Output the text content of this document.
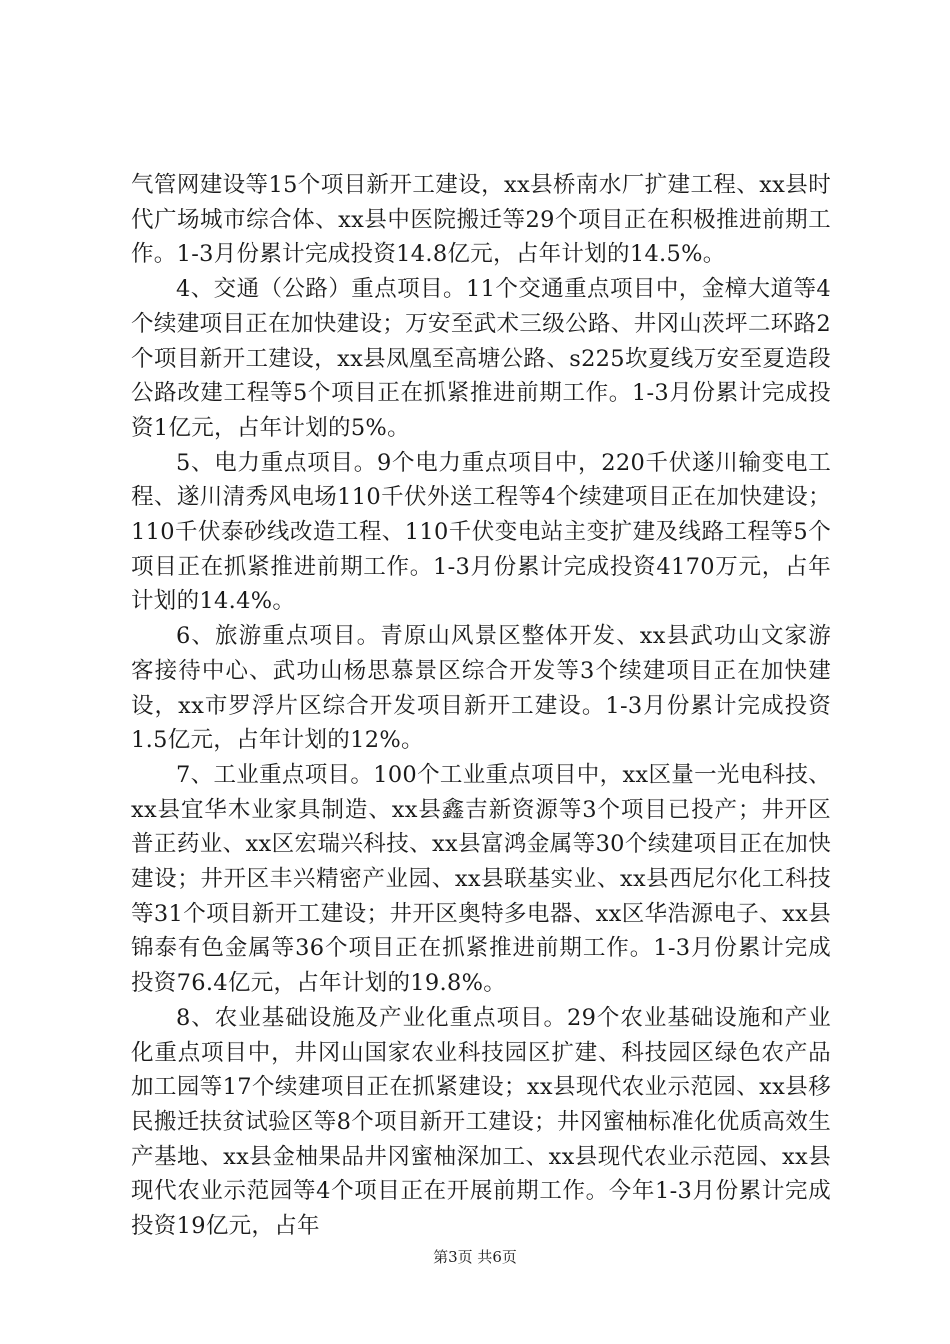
气管网建设等15个项目新开工建设，xx县桥南水厂扩建工程、xx县时代广场城市综合体、xx县中医院搬迁等29个项目正在积极推进前期工作。1-3月份累计完成投资14.8亿元，占年计划的14.5%。

4、交通（公路）重点项目。11个交通重点项目中，金樟大道等4个续建项目正在加快建设；万安至武术三级公路、井冈山茨坪二环路2个项目新开工建设，xx县凤凰至高塘公路、s225坎夏线万安至夏造段公路改建工程等5个项目正在抓紧推进前期工作。1-3月份累计完成投资1亿元，占年计划的5%。

5、电力重点项目。9个电力重点项目中，220千伏遂川输变电工程、遂川清秀风电场110千伏外送工程等4个续建项目正在加快建设；110千伏泰砂线改造工程、110千伏变电站主变扩建及线路工程等5个项目正在抓紧推进前期工作。1-3月份累计完成投资4170万元，占年计划的14.4%。

6、旅游重点项目。青原山风景区整体开发、xx县武功山文家游客接待中心、武功山杨思慕景区综合开发等3个续建项目正在加快建设，xx市罗浮片区综合开发项目新开工建设。1-3月份累计完成投资1.5亿元，占年计划的12%。

7、工业重点项目。100个工业重点项目中，xx区量一光电科技、xx县宜华木业家具制造、xx县鑫吉新资源等3个项目已投产；井开区普正药业、xx区宏瑞兴科技、xx县富鸿金属等30个续建项目正在加快建设；井开区丰兴精密产业园、xx县联基实业、xx县西尼尔化工科技等31个项目新开工建设；井开区奥特多电器、xx区华浩源电子、xx县锦泰有色金属等36个项目正在抓紧推进前期工作。1-3月份累计完成投资76.4亿元，占年计划的19.8%。

8、农业基础设施及产业化重点项目。29个农业基础设施和产业化重点项目中，井冈山国家农业科技园区扩建、科技园区绿色农产品加工园等17个续建项目正在抓紧建设；xx县现代农业示范园、xx县移民搬迁扶贫试验区等8个项目新开工建设；井冈蜜柚标准化优质高效生产基地、xx县金柚果品井冈蜜柚深加工、xx县现代农业示范园、xx县现代农业示范园等4个项目正在开展前期工作。今年1-3月份累计完成投资19亿元，占年

第3页 共6页
